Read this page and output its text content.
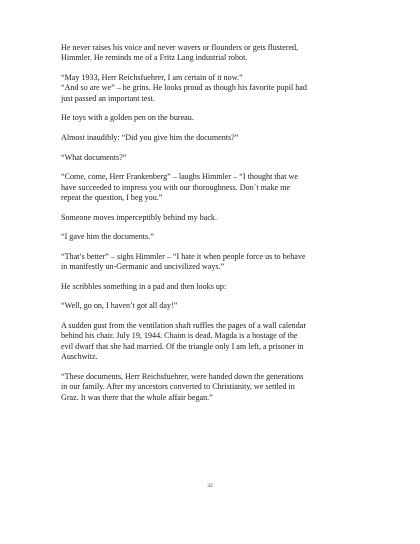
He never raises his voice and never wavers or flounders or gets flustered,
Himmler. He reminds me of a Fritz Lang industrial robot.

“May 1933, Herr Reichsfuehrer, I am certain of it now.”
“And so are we” – he grins. He looks proud as though his favorite pupil had
just passed an important test.

He toys with a golden pen on the bureau.

Almost inaudibly: “Did you give him the documents?”

“What documents?”

“Come, come, Herr Frankenberg” – laughs Himmler – “I thought that we
have succeeded to impress you with our thoroughness. Don´t make me
repeat the question, I beg you.”

Someone moves imperceptibly behind my back.

“I gave him the documents.”

“That’s better” – sighs Himmler – “I hate it when people force us to behave
in manifestly un-Germanic and uncivilized ways.”

He scribbles something in a pad and then looks up:

“Well, go on, I haven’t got all day!”

A sudden gust from the ventilation shaft ruffles the pages of a wall calendar
behind his chair. July 19, 1944. Chaim is dead. Magda is a hostage of the
evil dwarf that she had married. Of the triangle only I am left, a prisoner in
Auschwitz.

“These documents, Herr Reichsfuehrer, were handed down the generations
in our family. After my ancestors converted to Christianity, we settled in
Graz. It was there that the whole affair began.”

32
